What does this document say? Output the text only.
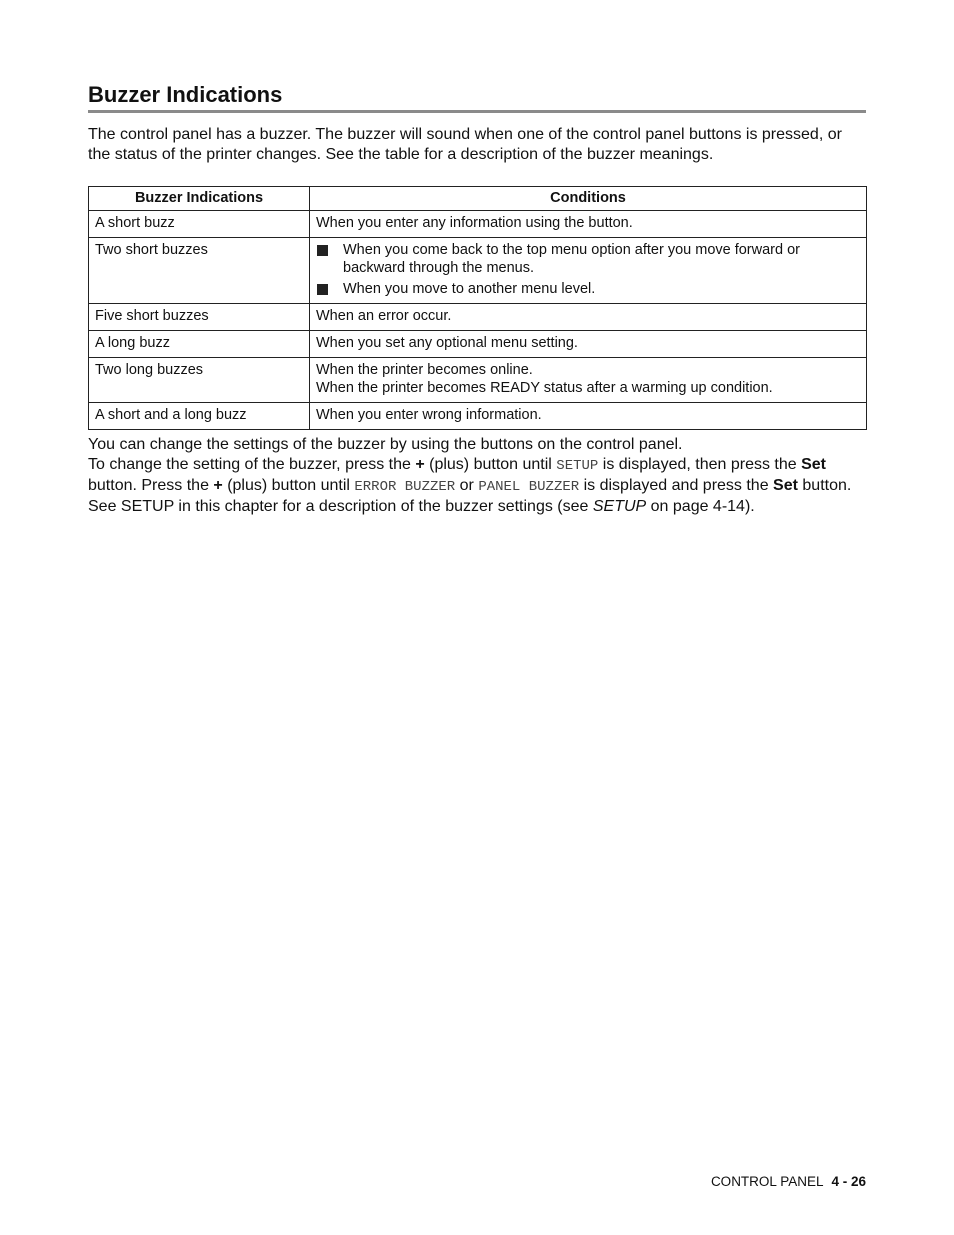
Buzzer Indications
The control panel has a buzzer. The buzzer will sound when one of the control panel buttons is pressed, or the status of the printer changes. See the table for a description of the buzzer meanings.
Buzzer Indications	Conditions
A short buzz	When you enter any information using the button.
Two short buzzes	When you come back to the top menu option after you move forward or backward through the menus.
When you move to another menu level.

Five short buzzes	When an error occur.
A long buzz	When you set any optional menu setting.
Two long buzzes	When the printer becomes online.
When the printer becomes READY status after a warming up condition.

A short and a long buzz	When you enter wrong information.

You can change the settings of the buzzer by using the buttons on the control panel.

To change the setting of the buzzer, press the + (plus) button until SETUP is displayed, then press the Set button. Press the + (plus) button until ERROR BUZZER or PANEL BUZZER is displayed and press the Set button.

See SETUP in this chapter for a description of the buzzer settings (see SETUP on page 4-14).

CONTROL PANEL 4 - 26
